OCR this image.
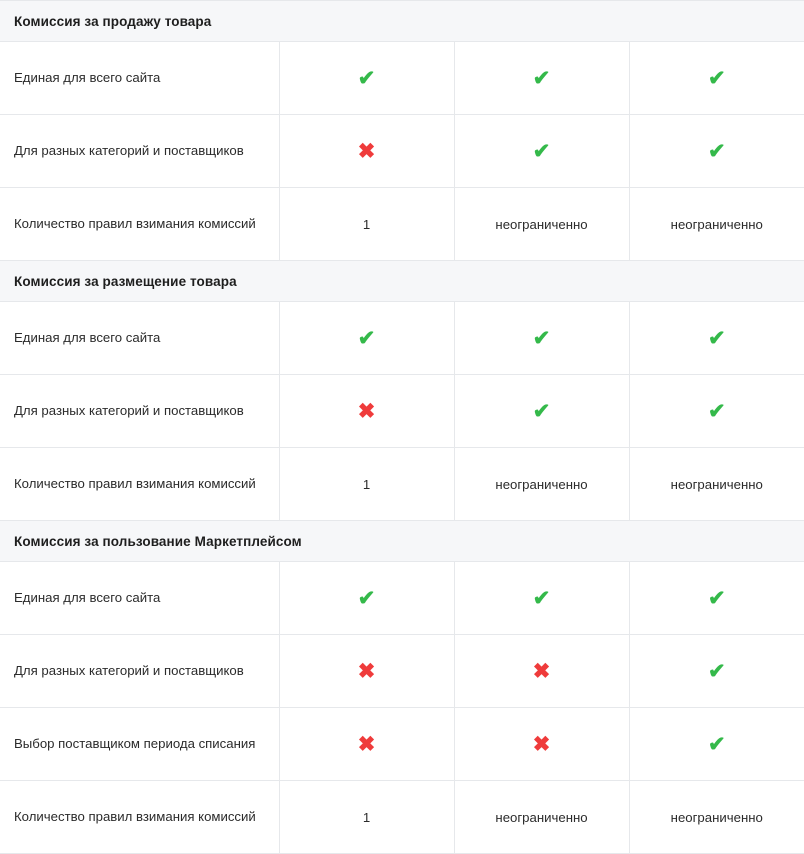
Комиссия за продажу товара			
Единая для всего сайта	✔	✔	✔
Для разных категорий и поставщиков	✖	✔	✔
Количество правил взимания комиссий	1	неограниченно	неограниченно
Комиссия за размещение товара			
Единая для всего сайта	✔	✔	✔
Для разных категорий и поставщиков	✖	✔	✔
Количество правил взимания комиссий	1	неограниченно	неограниченно
Комиссия за пользование Маркетплейсом			
Единая для всего сайта	✔	✔	✔
Для разных категорий и поставщиков	✖	✖	✔
Выбор поставщиком периода списания	✖	✖	✔
Количество правил взимания комиссий	1	неограниченно	неограниченно
